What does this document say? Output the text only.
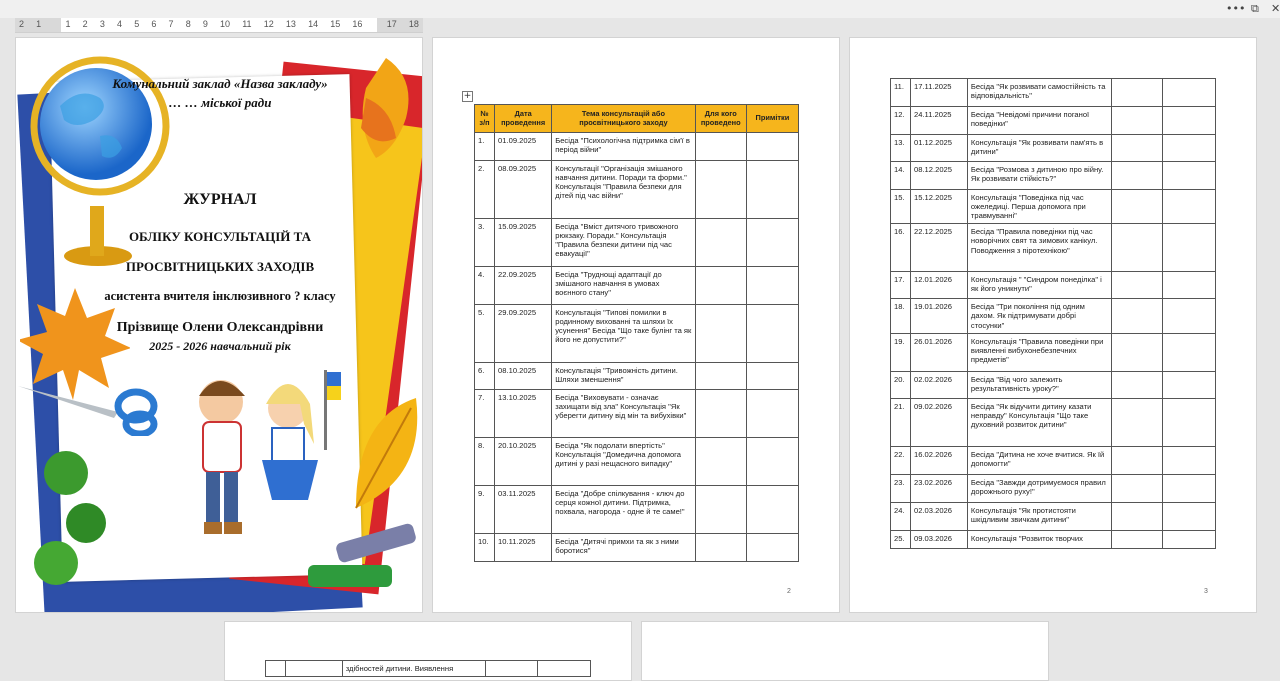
••• ⧉ ✕
2 1	1 2 3 4 5 6 7 8 9 10 11 12 13 14 15 16	17 18
Комунальний заклад «Назва закладу»
… … міської ради
ЖУРНАЛ
ОБЛІКУ КОНСУЛЬТАЦІЙ ТА
ПРОСВІТНИЦЬКИХ ЗАХОДІВ
асистента вчителя інклюзивного ? класу
Прізвище Олени Олександрівни
2025 - 2026 навчальний рік
№ з/п	Дата проведення	Тема консультацій або просвітницького заходу	Для кого проведено	Примітки
1.	01.09.2025	Бесіда "Психологічна підтримка сім'ї в період війни"		
2.	08.09.2025	Консультації "Організація змішаного навчання дитини. Поради та форми." Консультація "Правила безпеки для дітей під час війни"		
3.	15.09.2025	Бесіда "Вміст дитячого тривожного рюкзаку. Поради." Консультація "Правила безпеки дитини під час евакуації"		
4.	22.09.2025	Бесіда "Труднощі адаптації до змішаного навчання в умовах воєнного стану"		
5.	29.09.2025	Консультація "Типові помилки в родинному вихованні та шляхи їх усунення" Бесіда "Що таке булінг та як його не допустити?"		
6.	08.10.2025	Консультація "Тривожність дитини. Шляхи зменшення"		
7.	13.10.2025	Бесіда "Виховувати - означає захищати від зла" Консультація "Як уберегти дитину від мін та вибухівки"		
8.	20.10.2025	Бесіда "Як подолати впертість" Консультація "Домедична допомога дитині у разі нещасного випадку"		
9.	03.11.2025	Бесіда "Добре спілкування - ключ до серця кожної дитини. Підтримка, похвала, нагорода - одне й те саме!"		
10.	10.11.2025	Бесіда "Дитячі примхи та як з ними боротися"		
2
+
11.	17.11.2025	Бесіда "Як розвивати самостійність та відповідальність"		
12.	24.11.2025	Бесіда "Невідомі причини поганої поведінки"		
13.	01.12.2025	Консультація "Як розвивати пам'ять в дитини"		
14.	08.12.2025	Бесіда "Розмова з дитиною про війну. Як розвивати стійкість?"		
15.	15.12.2025	Консультація "Поведінка під час ожеледиці. Перша допомога при травмуванні"		
16.	22.12.2025	Бесіда "Правила поведінки під час новорічних свят та зимових канікул. Поводження з піротехнікою"		
17.	12.01.2026	Консультація " "Синдром понеділка" і як його уникнути"		
18.	19.01.2026	Бесіда "Три покоління під одним дахом. Як підтримувати добрі стосунки"		
19.	26.01.2026	Консультація "Правила поведінки при виявленні вибухонебезпечних предметів"		
20.	02.02.2026	Бесіда "Від чого залежить результативність уроку?"		
21.	09.02.2026	Бесіда "Як відучити дитину казати неправду" Консультація "Що таке духовний розвиток дитини"		
22.	16.02.2026	Бесіда "Дитина не хоче вчитися. Як їй допомогти"		
23.	23.02.2026	Бесіда "Завжди дотримуємося правил дорожнього руху!"		
24.	02.03.2026	Консультація "Як протистояти шкідливим звичкам дитини"		
25.	09.03.2026	Консультація "Розвиток творчих		
3
		здібностей дитини. Виявлення		
